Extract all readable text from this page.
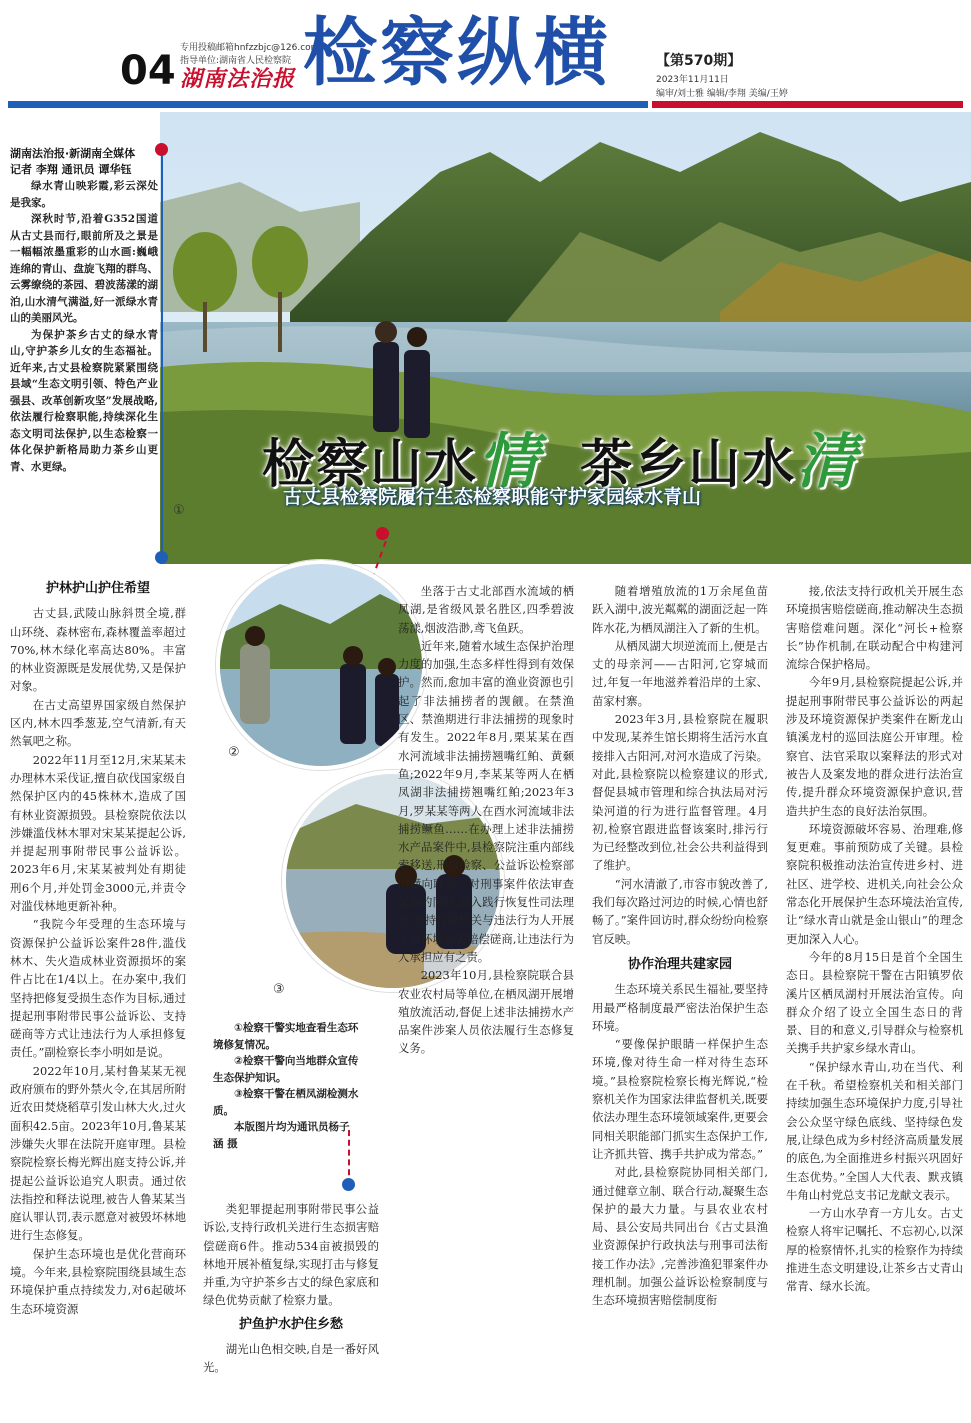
04 专用投稿邮箱hnfzzbjc@126.com
指导单位:湖南省人民检察院
湖南法治报 检察纵横	【第570期】
2023年11月11日
编审/刘士雅 编辑/李翔 美编/王婷
检察山水情 茶乡山水清
古丈县检察院履行生态检察职能守护家园绿水青山
①
湖南法治报·新湖南全媒体
记者 李翔 通讯员 谭华钰
绿水青山映彩霞,彩云深处是我家。
深秋时节,沿着G352国道从古丈县而行,眼前所及之景是一幅幅浓墨重彩的山水画:巍峨连绵的青山、盘旋飞翔的群鸟、云雾缭绕的茶园、碧波荡漾的湖泊,山水清气满溢,好一派绿水青山的美丽风光。
为保护茶乡古丈的绿水青山,守护茶乡儿女的生态福祉。近年来,古丈县检察院紧紧围绕县域“生态文明引领、特色产业强县、改革创新攻坚”发展战略,依法履行检察职能,持续深化生态文明司法保护,以生态检察一体化保护新格局助力茶乡山更青、水更绿。
护林护山护住希望

古丈县,武陵山脉斜贯全境,群山环绕、森林密布,森林覆盖率超过70%,林木绿化率高达80%。丰富的林业资源既是发展优势,又是保护对象。

在古丈高望界国家级自然保护区内,林木四季葱茏,空气清新,有天然氧吧之称。

2022年11月至12月,宋某某未办理林木采伐证,擅自砍伐国家级自然保护区内的45株林木,造成了国有林业资源损毁。县检察院依法以涉嫌滥伐林木罪对宋某某提起公诉,并提起刑事附带民事公益诉讼。2023年6月,宋某某被判处有期徒刑6个月,并处罚金3000元,并责令对滥伐林地更新补种。

“我院今年受理的生态环境与资源保护公益诉讼案件28件,滥伐林木、失火造成林业资源损坏的案件占比在1/4以上。在办案中,我们坚持把修复受损生态作为目标,通过提起刑事附带民事公益诉讼、支持磋商等方式让违法行为人承担修复责任。”副检察长李小明如是说。

2022年10月,某村鲁某某无视政府颁布的野外禁火令,在其居所附近农田焚烧稻草引发山林大火,过火面积42.5亩。2023年10月,鲁某某涉嫌失火罪在法院开庭审理。县检察院检察长梅光辉出庭支持公诉,并提起公益诉讼追究人职责。通过依法指控和释法说理,被告人鲁某某当庭认罪认罚,表示愿意对被毁坏林地进行生态修复。

保护生态环境也是优化营商环境。今年来,县检察院围绕县域生态环境保护重点持续发力,对6起破坏生态环境资源

②
③

①检察干警实地查看生态环境修复情况。

②检察干警向当地群众宣传生态保护知识。

③检察干警在栖凤湖检测水质。

本版图片均为通讯员杨子涵 摄

类犯罪提起刑事附带民事公益诉讼,支持行政机关进行生态损害赔偿磋商6件。推动534亩被损毁的林地开展补植复绿,实现打击与修复并重,为守护茶乡古丈的绿色家底和绿色优势贡献了检察力量。

护鱼护水护住乡愁

湖光山色相交映,自是一番好风光。

坐落于古丈北部酉水流域的栖凤湖,是省级风景名胜区,四季碧波荡漾,烟波浩渺,鸢飞鱼跃。

近年来,随着水域生态保护治理力度的加强,生态多样性得到有效保护。然而,愈加丰富的渔业资源也引起了非法捕捞者的觊觎。在禁渔区、禁渔期进行非法捕捞的现象时有发生。2022年8月,栗某某在酉水河流域非法捕捞翘嘴红鲌、黄颡鱼;2022年9月,李某某等两人在栖凤湖非法捕捞翘嘴红鲌;2023年3月,罗某某等两人在酉水河流域非法捕捞鳜鱼……在办理上述非法捕捞水产品案件中,县检察院注重内部线索移送,刑事检察、公益诉讼检察部门横向联动。对刑事案件依法审查起诉的同时,深入践行恢复性司法理念,支持行政机关与违法行为人开展生态环境损害赔偿磋商,让违法行为人承担应有之责。

2023年10月,县检察院联合县农业农村局等单位,在栖凤湖开展增殖放流活动,督促上述非法捕捞水产品案件涉案人员依法履行生态修复义务。

随着增殖放流的1万余尾鱼苗跃入湖中,波光粼粼的湖面泛起一阵阵水花,为栖凤湖注入了新的生机。

从栖凤湖大坝逆流而上,便是古丈的母亲河——古阳河,它穿城而过,年复一年地滋养着沿岸的土家、苗家村寨。

2023年3月,县检察院在履职中发现,某养生馆长期将生活污水直接排入古阳河,对河水造成了污染。对此,县检察院以检察建议的形式,督促县城市管理和综合执法局对污染河道的行为进行监督管理。4月初,检察官跟进监督该案时,排污行为已经整改到位,社会公共利益得到了维护。

“河水清澈了,市容市貌改善了,我们每次路过河边的时候,心情也舒畅了。”案件回访时,群众纷纷向检察官反映。

协作治理共建家园

生态环境关系民生福祉,要坚持用最严格制度最严密法治保护生态环境。

“要像保护眼睛一样保护生态环境,像对待生命一样对待生态环境。”县检察院检察长梅光辉说,“检察机关作为国家法律监督机关,既要依法办理生态环境领域案件,更要会同相关职能部门抓实生态保护工作,让齐抓共管、携手共护成为常态。”

对此,县检察院协同相关部门,通过健章立制、联合行动,凝聚生态保护的最大力量。与县农业农村局、县公安局共同出台《古丈县渔业资源保护行政执法与刑事司法衔接工作办法》,完善涉渔犯罪案件办理机制。加强公益诉讼检察制度与生态环境损害赔偿制度衔

接,依法支持行政机关开展生态环境损害赔偿磋商,推动解决生态损害赔偿难问题。深化“河长+检察长”协作机制,在联动配合中构建河流综合保护格局。

今年9月,县检察院提起公诉,并提起刑事附带民事公益诉讼的两起涉及环境资源保护类案件在断龙山镇溪龙村的巡回法庭公开审理。检察官、法官采取以案释法的形式对被告人及案发地的群众进行法治宣传,提升群众环境资源保护意识,营造共护生态的良好法治氛围。

环境资源破坏容易、治理难,修复更难。事前预防成了关键。县检察院积极推动法治宣传进乡村、进社区、进学校、进机关,向社会公众常态化开展保护生态环境法治宣传,让“绿水青山就是金山银山”的理念更加深入人心。

今年的8月15日是首个全国生态日。县检察院干警在古阳镇罗依溪片区栖凤湖村开展法治宣传。向群众介绍了设立全国生态日的背景、目的和意义,引导群众与检察机关携手共护家乡绿水青山。

“保护绿水青山,功在当代、利在千秋。希望检察机关和相关部门持续加强生态环境保护力度,引导社会公众坚守绿色底线、坚持绿色发展,让绿色成为乡村经济高质量发展的底色,为全面推进乡村振兴巩固好生态优势。”全国人大代表、默戎镇牛角山村党总支书记龙献文表示。

一方山水孕育一方儿女。古丈检察人将牢记嘱托、不忘初心,以深厚的检察情怀,扎实的检察作为持续推进生态文明建设,让茶乡古丈青山常青、绿水长流。
